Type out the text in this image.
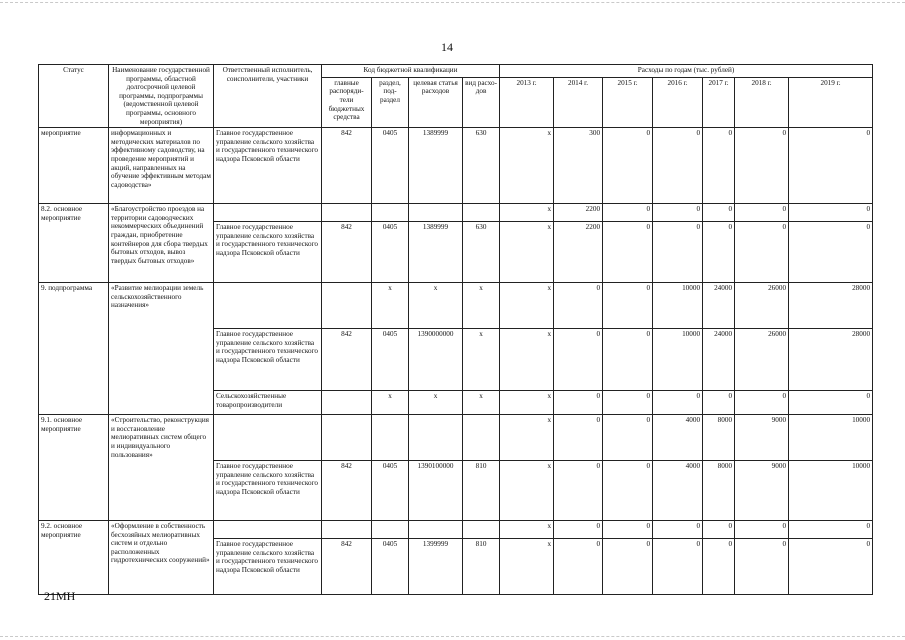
14
Статус	Наименование государственной программы, областной долгосрочной целевой программы, подпрограммы (ведомственной целевой программы, основного мероприятия)	Ответственный исполнитель, соисполнители, участники	Код бюджетной квалификации				Расходы по годам (тыс. рублей)							
			главные распоряди-тели бюджетных средства	раздел, под-раздел	целевая статья расходов	вид расхо-дов	2013 г.	2014 г.	2015 г.	2016 г.	2017 г.	2018 г.	2019 г.	
мероприятие	информационных и методических материалов по эффективному садоводству, на проведение мероприятий и акций, направленных на обучение эффективным методам садоводства»	Главное государственное управление сельского хозяйства и государственного технического надзора Псковской области	842	0405	1389999	630	x	300	0	0	0	0	0	
8.2. основное мероприятие	«Благоустройство проездов на территории садоводческих некоммерческих объединений граждан, приобретение контейнеров для сбора твердых бытовых отходов, вывоз твердых бытовых отходов»						x	2200	0	0	0	0	0	
		Главное государственное управление сельского хозяйства и государственного технического надзора Псковской области	842	0405	1389999	630	x	2200	0	0	0	0	0	
9. подпрограмма	«Развитие мелиорации земель сельскохозяйственного назначения»			x	x	x	x	0	0	10000	24000	26000	28000	
		Главное государственное управление сельского хозяйства и государственного технического надзора Псковской области	842	0405	1390000000	x	x	0	0	10000	24000	26000	28000	
		Сельскохозяйственные товаропроизводители		x	x	x	x	0	0	0	0	0	0	
9.1. основное мероприятие	«Строительство, реконструкция и восстановление мелиоративных систем общего и индивидуального пользования»						x	0	0	4000	8000	9000	10000	
		Главное государственное управление сельского хозяйства и государственного технического надзора Псковской области	842	0405	1390100000	810	x	0	0	4000	8000	9000	10000	
9.2. основное мероприятие	«Оформление в собственность бесхозяйных мелиоративных систем и отдельно расположенных гидротехнических сооружений»						x	0	0	0	0	0	0	
		Главное государственное управление сельского хозяйства и государственного технического надзора Псковской области	842	0405	1399999	810	x	0	0	0	0	0	0	
21МН
